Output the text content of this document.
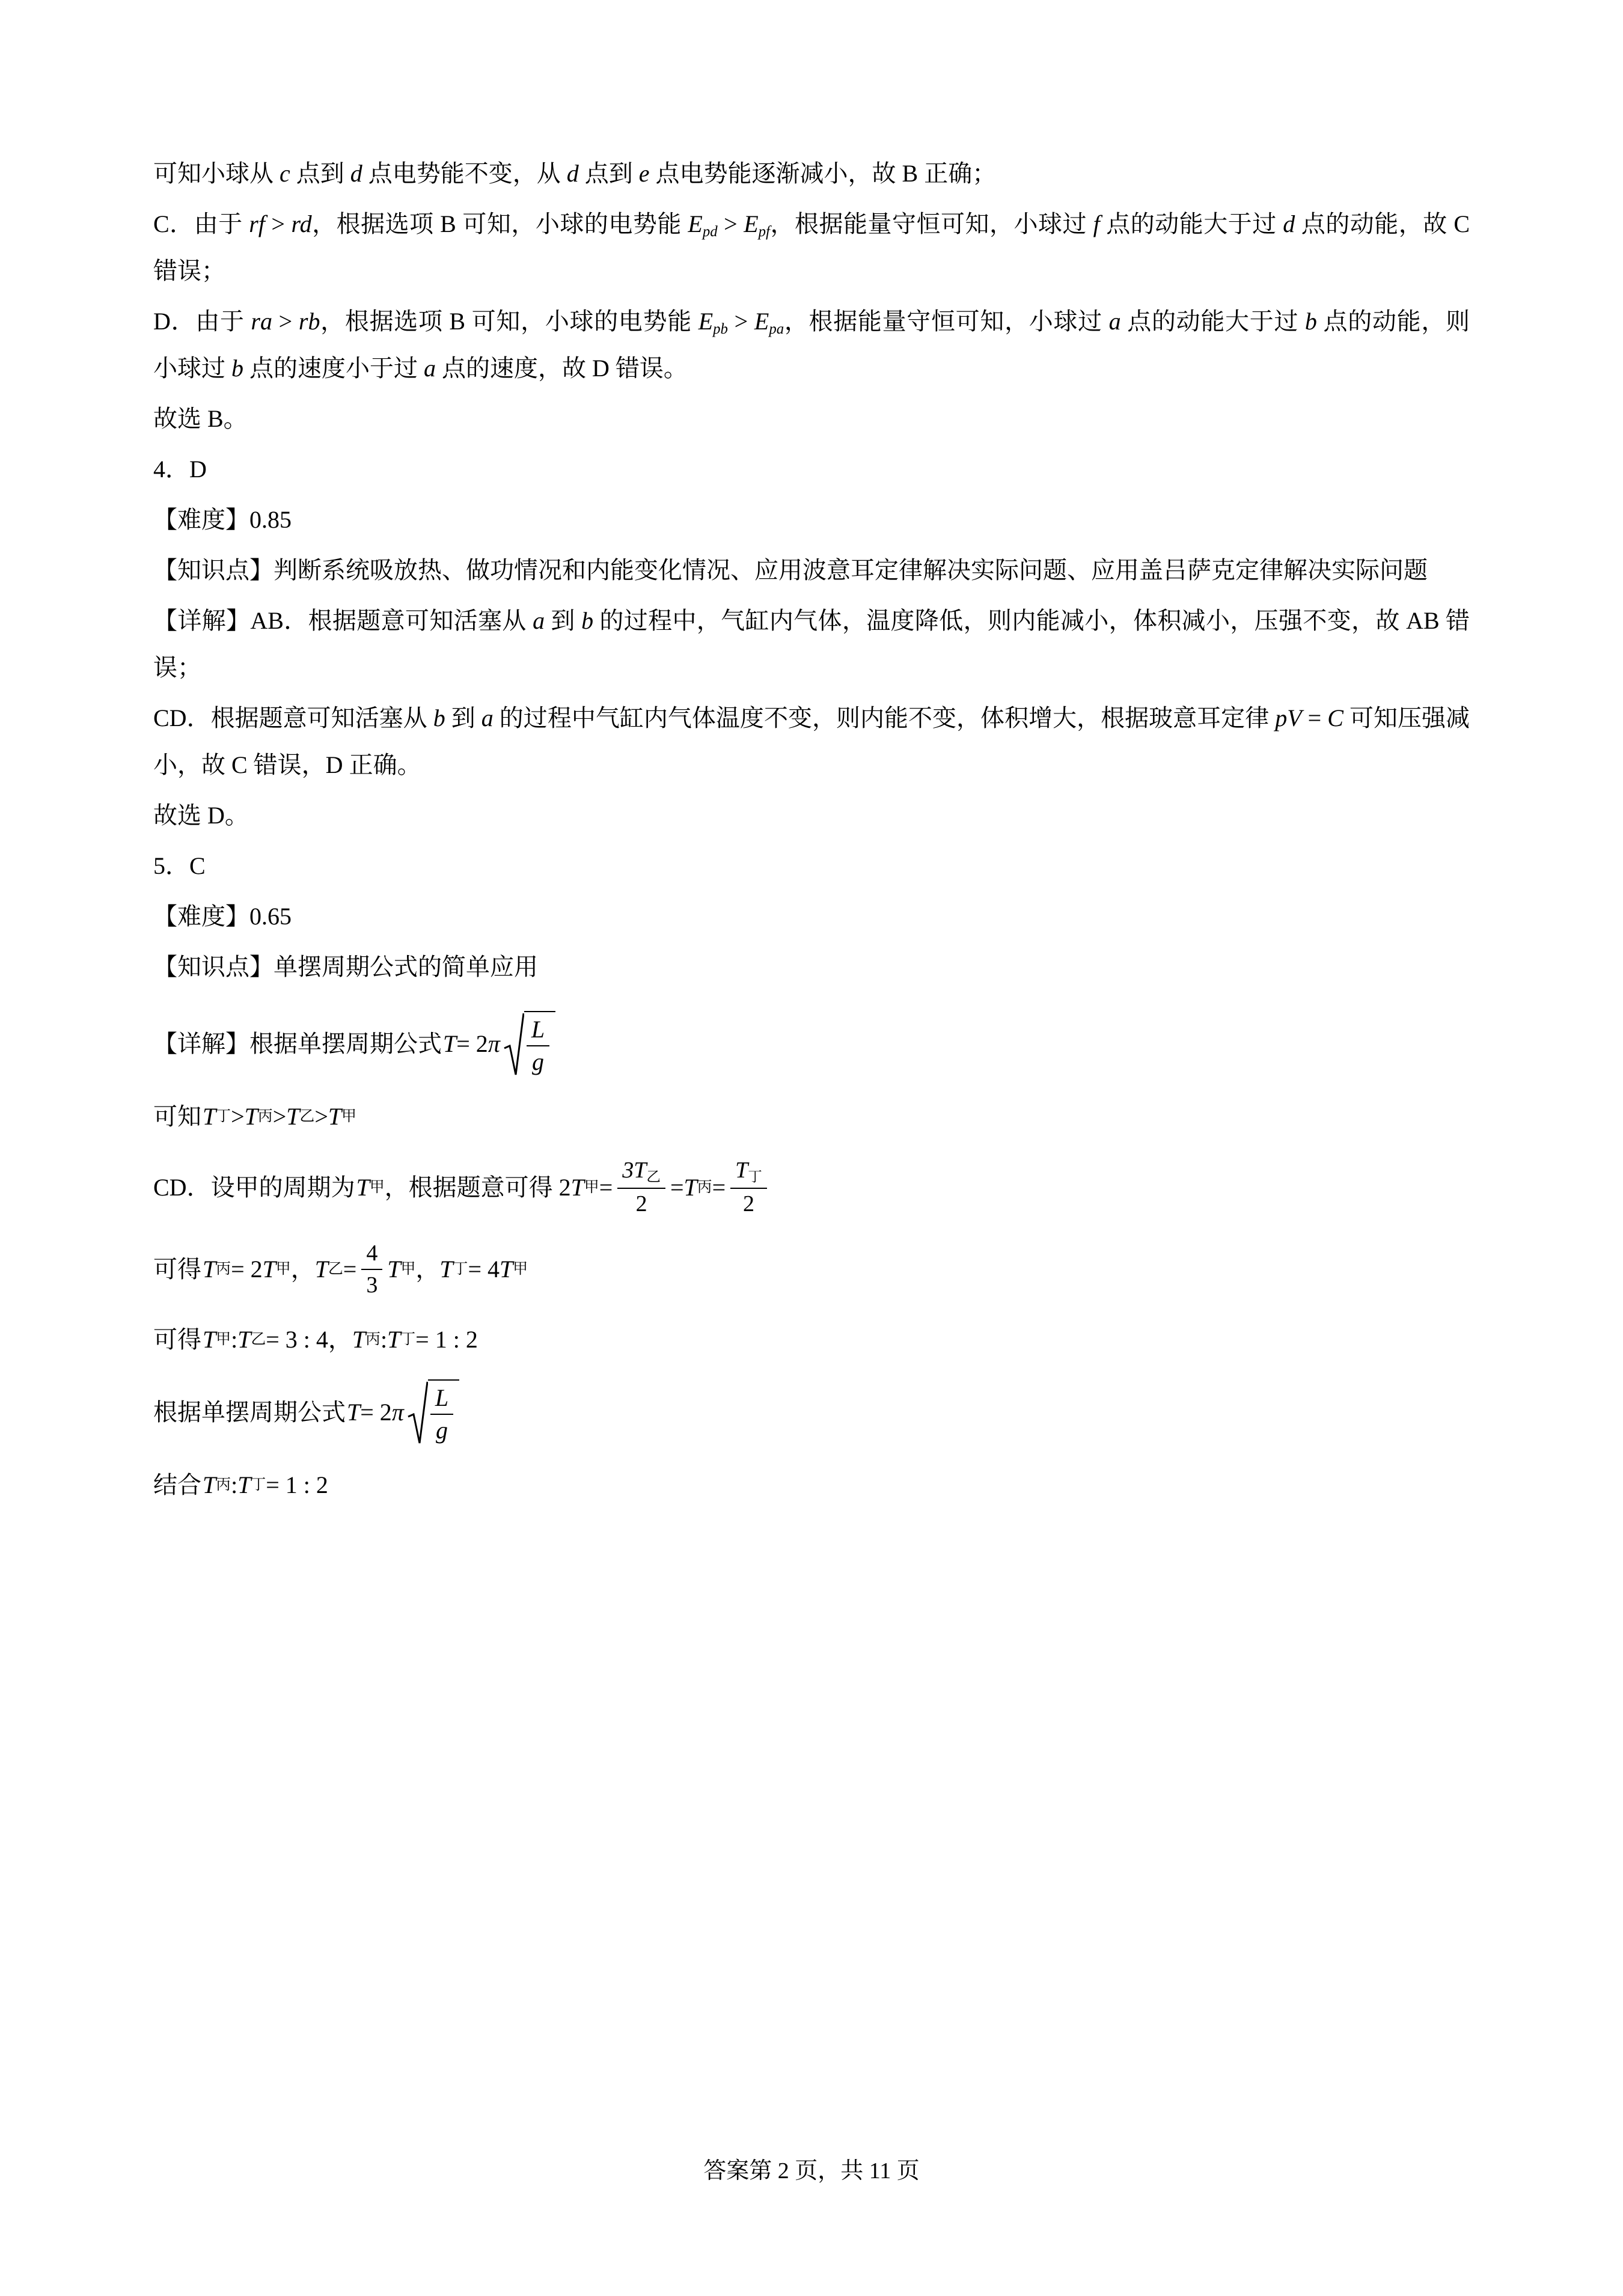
可知小球从 c 点到 d 点电势能不变，从 d 点到 e 点电势能逐渐减小，故 B 正确；

C．由于 rf > rd，根据选项 B 可知，小球的电势能 $E_{pd} > E_{pf}$，根据能量守恒可知，小球过 f 点的动能大于过 d 点的动能，故 C 错误；

D．由于 ra > rb，根据选项 B 可知，小球的电势能 $E_{pb} > E_{pa}$，根据能量守恒可知，小球过 a 点的动能大于过 b 点的动能，则小球过 b 点的速度小于过 a 点的速度，故 D 错误。

故选 B。

4．D

【难度】0.85

【知识点】判断系统吸放热、做功情况和内能变化情况、应用波意耳定律解决实际问题、应用盖吕萨克定律解决实际问题

【详解】AB．根据题意可知活塞从 a 到 b 的过程中，气缸内气体，温度降低，则内能减小，体积减小，压强不变，故 AB 错误；

CD．根据题意可知活塞从 b 到 a 的过程中气缸内气体温度不变，则内能不变，体积增大，根据玻意耳定律 pV = C 可知压强减小，故 C 错误，D 正确。

故选 D。

5．C

【难度】0.65

【知识点】单摆周期公式的简单应用

【详解】根据单摆周期公式 T = 2 π $\frac{L}{g}$
可知 T 丁 > T 丙 > T 乙 > T 甲
CD．设甲的周期为 T 甲 ，根据题意可得 2 T 甲 = $\frac{3T_乙}{2} = T$ 丙 = $\frac{T_丁}{2}$
可得 T 丙 = 2 T 甲 ， T 乙 = $\frac{4}{3}$ T 甲 ， T 丁 = 4 T 甲
可得 T 甲 : T 乙 = 3 : 4 ， T 丙 : T 丁 = 1 : 2
根据单摆周期公式 T = 2 π $\frac{L}{g}$
结合 T 丙 : T 丁 = 1 : 2
答案第 2 页，共 11 页
